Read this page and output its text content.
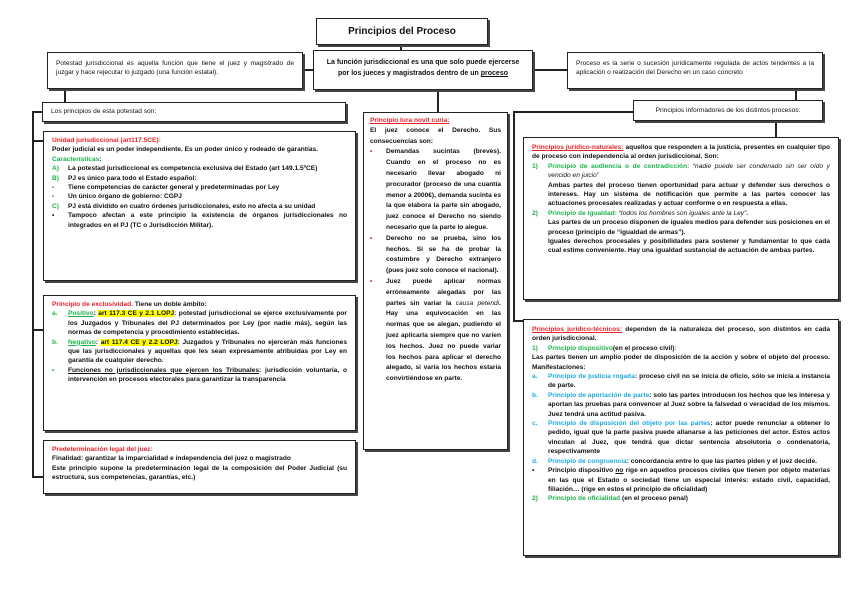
Principios del Proceso
La función jurisdiccional es una que solo puede ejercerse por los jueces y magistrados dentro de un proceso
Potestad jurisdiccional es aquella función que tiene el juez y magistrado de juzgar y hace rejecutar lo juzgado (una función estatal).
Proceso es la serie o sucesión jurídicamente regulada de actos tendentes a la aplicación o realización del Derecho en un caso concreto
Los principios de esta potestad son:	Principios informadores de los distintos procesos:
Unidad jurisdiccional (art117.5CE):
Poder judicial es un poder independiente. Es un poder único y rodeado de garantías.
Características:
A)	La potestad jurisdiccional es competencia exclusiva del Estado (art 149.1.5ºCE)
B)	PJ es único para todo el Estado español:
-	Tiene competencias de carácter general y predeterminadas por Ley
-	Un único órgano de gobierno: CGPJ
C)	PJ está dividido en cuatro órdenes jurisdiccionales, esto no afecta a su unidad
•	Tampoco afectan a este principio la existencia de órganos jurisdiccionales no integrados en el PJ (TC o Jurisdicción Militar).
Principio de exclusividad. Tiene un doble ámbito:
a.	Positivo: art 117.3 CE y 2.1 LOPJ: potestad jurisdiccional se ejerce exclusivamente por los Juzgados y Tribunales del PJ determinados por Ley (por nadie más), según las normas de competencia y procedimiento establecidas.
b.	Negativo: art 117.4 CE y 2.2 LOPJ: Juzgados y Tribunales no ejercerán más funciones que las jurisdiccionales y aquellas que les sean expresamente atribuidas por Ley en garantía de cualquier derecho.
•	Funciones no jurisdiccionales que ejercen los Tribunales: jurisdicción voluntaria, o intervención en procesos electorales para garantizar la transparencia
Predeterminación legal del juez:
Finalidad: garantizar la imparcialidad e independencia del juez o magistrado
Este principio supone la predeterminación legal de la composición del Poder Judicial (su estructura, sus competencias, garantías, etc.)
Principio Iura novit curia:
El juez conoce el Derecho. Sus consecuencias son:
•	Demandas sucintas (breves). Cuando en el proceso no es necesario llevar abogado ni procurador (proceso de una cuantía menor a 2000€), demanda sucinta es la que elabora la parte sin abogado, juez conoce el Derecho no siendo necesario que la parte lo alegue.
•	Derecho no se prueba, sino los hechos. Si se ha de probar la costumbre y Derecho extranjero (pues juez solo conoce el nacional).
•	Juez puede aplicar normas erróneamente alegadas por las partes sin variar la causa petendi. Hay una equivocación en las normas que se alegan, pudiendo el juez aplicarla siempre que no varíen los hechos. Juez no puede variar los hechos para aplicar el derecho alegado, si varía los hechos estaría convirtiéndose en parte.
Principios jurídico-naturales: aquellos que responden a la justicia, presentes en cualquier tipo de proceso con independencia al orden jurisdiccional. Son:
1)	Principio de audiencia o de contradicción: “nadie puede ser condenado sin ser oído y vencido en juicio”
Ambas partes del proceso tienen oportunidad para actuar y defender sus derechos o intereses. Hay un sistema de notificación que permite a las partes conocer las actuaciones procesales realizadas y actuar conforme o en respuesta a ellas.
2)	Principio de igualdad: “todos los hombres son iguales ante la Ley”.
Las partes de un proceso disponen de iguales medios para defender sus posiciones en el proceso (principio de “igualdad de armas”).
Iguales derechos procesales y posibilidades para sostener y fundamentar lo que cada cual estime conveniente. Hay una igualdad sustancial de actuación de ambas partes.
Principios jurídico-técnicos: dependen de la naturaleza del proceso, son distintos en cada orden jurisdiccional.
1)	Principio dispositivo(en el proceso civil):
Las partes tienen un amplio poder de disposición de la acción y sobre el objeto del proceso. Manifestaciones:
a.	Principio de justicia rogada: proceso civil no se inicia de oficio, sólo se inicia a instancia de parte.
b.	Principio de aportación de parte: solo las partes introducen los hechos que les interesa y aportan las pruebas para convencer al Juez sobre la falsedad o veracidad de los mismos. Juez tendrá una actitud pasiva.
c.	Principio de disposición del objeto por las partes: actor puede renunciar a obtener lo pedido, igual que la parte pasiva puede allanarse a las peticiones del actor. Estos actos vinculan al Juez, que tendrá que dictar sentencia absolutoria o condenatoria, respectivamente
d.	Principio de congruencia: concordancia entre lo que las partes piden y el juez decide.
•	Principio dispositivo no rige en aquellos procesos civiles que tienen por objeto materias en las que el Estado o sociedad tiene un especial interés: estado civil, capacidad, filiación… (rige en estos el principio de oficialidad)
2)	Principio de oficialidad (en el proceso penal)
